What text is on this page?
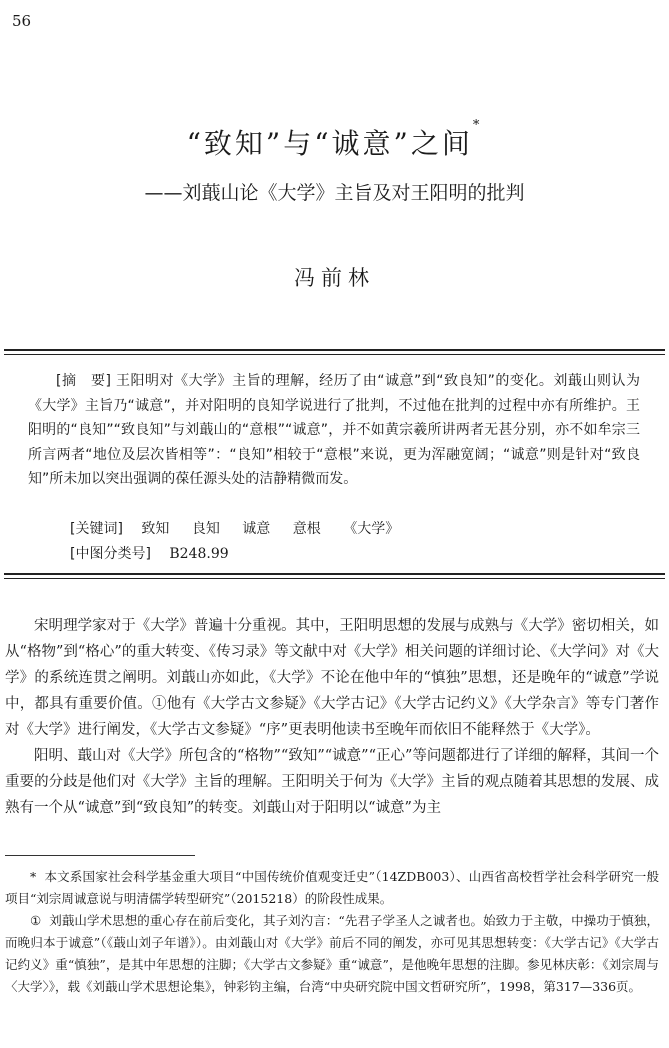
56
“致知”与“诚意”之间*
——刘蕺山论《大学》主旨及对王阳明的批判
冯前林

[摘　要] 王阳明对《大学》主旨的理解，经历了由“诚意”到“致良知”的变化。刘蕺山则认为《大学》主旨乃“诚意”，并对阳明的良知学说进行了批判，不过他在批判的过程中亦有所维护。王阳明的“良知”“致良知”与刘蕺山的“意根”“诚意”，并不如黄宗羲所讲两者无甚分别，亦不如牟宗三所言两者“地位及层次皆相等”：“良知”相较于“意根”来说，更为浑融宽阔；“诚意”则是针对“致良知”所未加以突出强调的葆任源头处的洁静精微而发。

[关键词] 致知 良知 诚意 意根 《大学》
[中图分类号] B248.99

宋明理学家对于《大学》普遍十分重视。其中，王阳明思想的发展与成熟与《大学》密切相关，如从“格物”到“格心”的重大转变、《传习录》等文献中对《大学》相关问题的详细讨论、《大学问》对《大学》的系统连贯之阐明。刘蕺山亦如此，《大学》不论在他中年的“慎独”思想，还是晚年的“诚意”学说中，都具有重要价值。①他有《大学古文参疑》《大学古记》《大学古记约义》《大学杂言》等专门著作对《大学》进行阐发，《大学古文参疑》“序”更表明他读书至晚年而依旧不能释然于《大学》。

阳明、蕺山对《大学》所包含的“格物”“致知”“诚意”“正心”等问题都进行了详细的解释，其间一个重要的分歧是他们对《大学》主旨的理解。王阳明关于何为《大学》主旨的观点随着其思想的发展、成熟有一个从“诚意”到“致良知”的转变。刘蕺山对于阳明以“诚意”为主

* 本文系国家社会科学基金重大项目“中国传统价值观变迁史”（14ZDB003）、山西省高校哲学社会科学研究一般项目“刘宗周诚意说与明清儒学转型研究”（2015218）的阶段性成果。

① 刘蕺山学术思想的重心存在前后变化，其子刘汋言：“先君子学圣人之诚者也。始致力于主敬，中操功于慎独，而晚归本于诚意”（《蕺山刘子年谱》）。由刘蕺山对《大学》前后不同的阐发，亦可见其思想转变：《大学古记》《大学古记约义》重“慎独”，是其中年思想的注脚；《大学古文参疑》重“诚意”，是他晚年思想的注脚。参见林庆彰：《刘宗周与〈大学〉》，载《刘蕺山学术思想论集》，钟彩钧主编，台湾“中央研究院中国文哲研究所”，1998，第317—336页。
